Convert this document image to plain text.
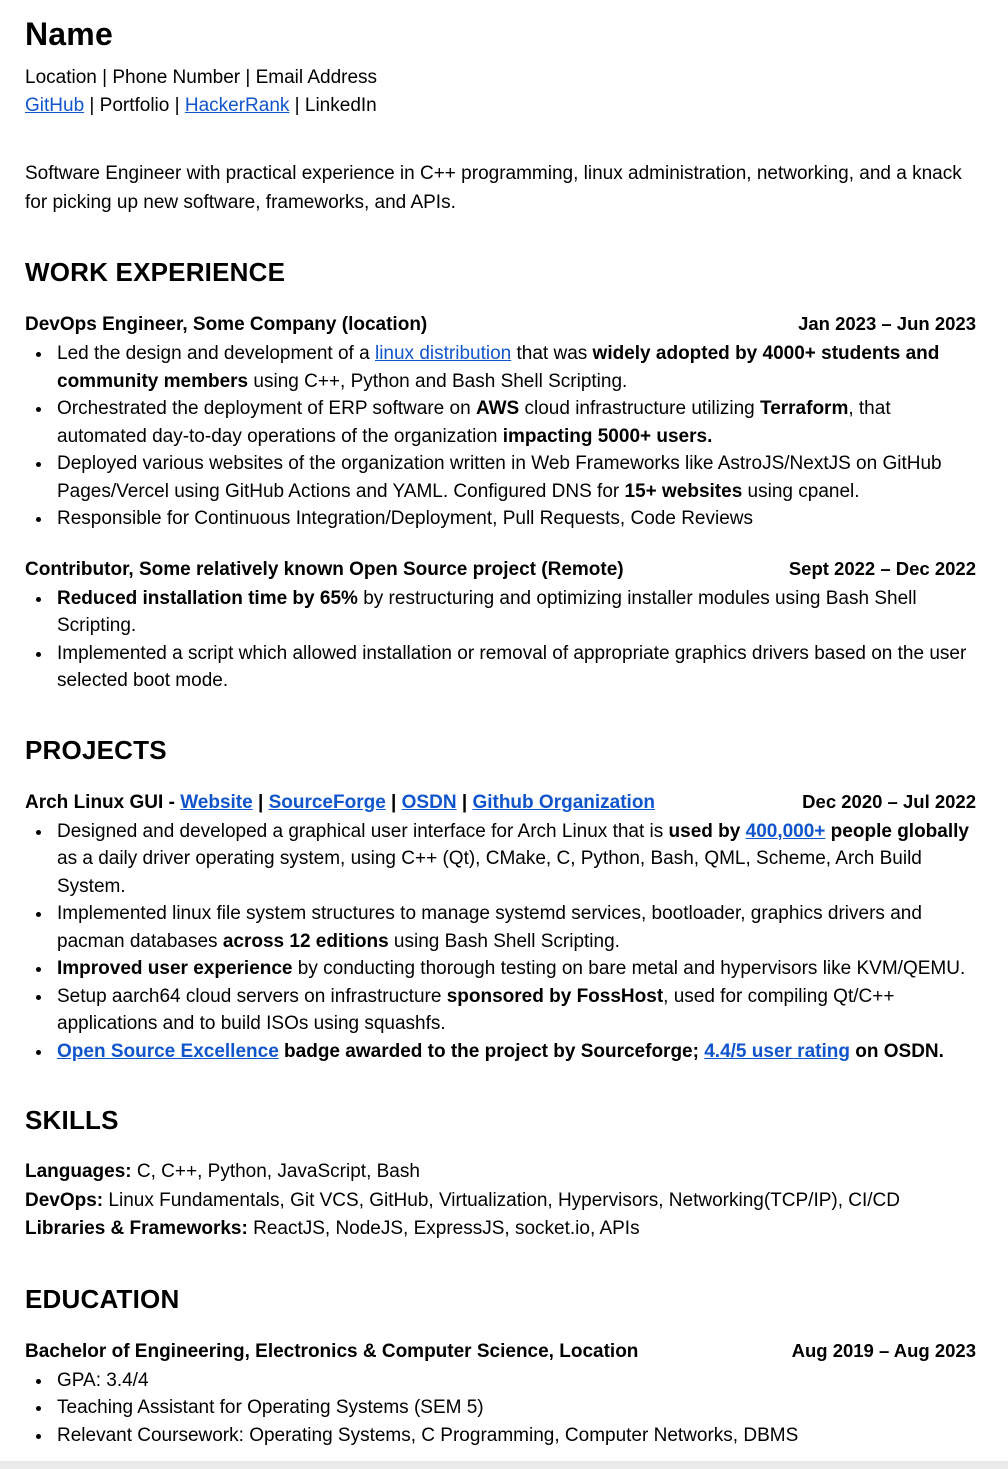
Name
Location | Phone Number | Email Address
GitHub | Portfolio | HackerRank | LinkedIn
Software Engineer with practical experience in C++ programming, linux administration, networking, and a knack for picking up new software, frameworks, and APIs.
WORK EXPERIENCE
DevOps Engineer, Some Company (location)	Jan 2023 – Jun 2023
• Led the design and development of a linux distribution that was widely adopted by 4000+ students and community members using C++, Python and Bash Shell Scripting.
• Orchestrated the deployment of ERP software on AWS cloud infrastructure utilizing Terraform, that automated day-to-day operations of the organization impacting 5000+ users.
• Deployed various websites of the organization written in Web Frameworks like AstroJS/NextJS on GitHub Pages/Vercel using GitHub Actions and YAML. Configured DNS for 15+ websites using cpanel.
• Responsible for Continuous Integration/Deployment, Pull Requests, Code Reviews
Contributor, Some relatively known Open Source project (Remote)	Sept 2022 – Dec 2022
• Reduced installation time by 65% by restructuring and optimizing installer modules using Bash Shell Scripting.
• Implemented a script which allowed installation or removal of appropriate graphics drivers based on the user selected boot mode.
PROJECTS
Arch Linux GUI - Website | SourceForge | OSDN | Github Organization	Dec 2020 – Jul 2022
• Designed and developed a graphical user interface for Arch Linux that is used by 400,000+ people globally as a daily driver operating system, using C++ (Qt), CMake, C, Python, Bash, QML, Scheme, Arch Build System.
• Implemented linux file system structures to manage systemd services, bootloader, graphics drivers and pacman databases across 12 editions using Bash Shell Scripting.
• Improved user experience by conducting thorough testing on bare metal and hypervisors like KVM/QEMU.
• Setup aarch64 cloud servers on infrastructure sponsored by FossHost, used for compiling Qt/C++ applications and to build ISOs using squashfs.
• Open Source Excellence badge awarded to the project by Sourceforge; 4.4/5 user rating on OSDN.
SKILLS
Languages: C, C++, Python, JavaScript, Bash
DevOps: Linux Fundamentals, Git VCS, GitHub, Virtualization, Hypervisors, Networking(TCP/IP), CI/CD
Libraries & Frameworks: ReactJS, NodeJS, ExpressJS, socket.io, APIs
EDUCATION
Bachelor of Engineering, Electronics & Computer Science, Location	Aug 2019 – Aug 2023
• GPA: 3.4/4
• Teaching Assistant for Operating Systems (SEM 5)
• Relevant Coursework: Operating Systems, C Programming, Computer Networks, DBMS
